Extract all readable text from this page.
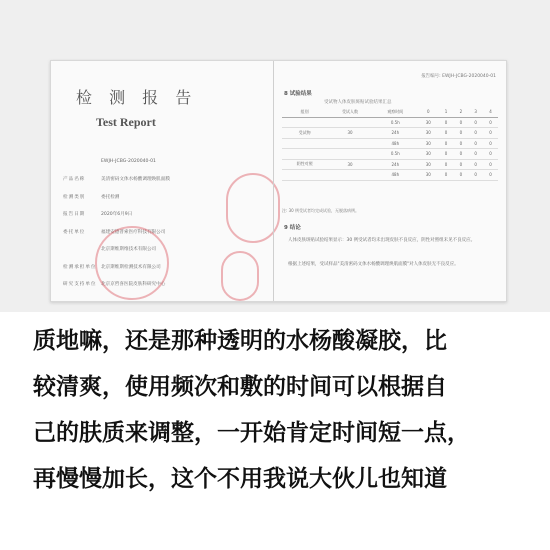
检 测 报 告
Test Report
EWJH-JCBG-2020040-01
产品名称	美清密码文体水杨酸调理焕肌面膜
检测类别	委托检测
报告日期	2020年6月9日
委托单位	福建安德普索医疗科技有限公司
北京斯维斯维技术有限公司
检测承担单位 北京斯维斯检测技术有限公司
研究支持单位 北京京哲喜医院皮肤科研究中心
报告编号: EWJH-JCBG-2020040-01
8 试验结果
受试物人体皮肤斑贴试验结果汇总
组别	受试人数	观察时间	0	1	2	3	4
		0.5h	30	0	0	0	0
受试物	30	24h	30	0	0	0	0
		48h	30	0	0	0	0
		0.5h	30	0	0	0	0
阴性对照	30	24h	30	0	0	0	0
		48h	30	0	0	0	0
注: 30 例受试者均完成试验，无脱落病例。
9 结论
人体皮肤斑贴试验结果显示：30 例受试者均未出现皮肤不良反应，阴性对照组未见不良反应。
根据上述结果，受试样品"美清密码文体水杨酸调理焕肌面膜"对人体皮肤无不良反应。
质地嘛，还是那种透明的水杨酸凝胶，比
较清爽，使用频次和敷的时间可以根据自
己的肤质来调整，一开始肯定时间短一点，
再慢慢加长，这个不用我说大伙儿也知道
